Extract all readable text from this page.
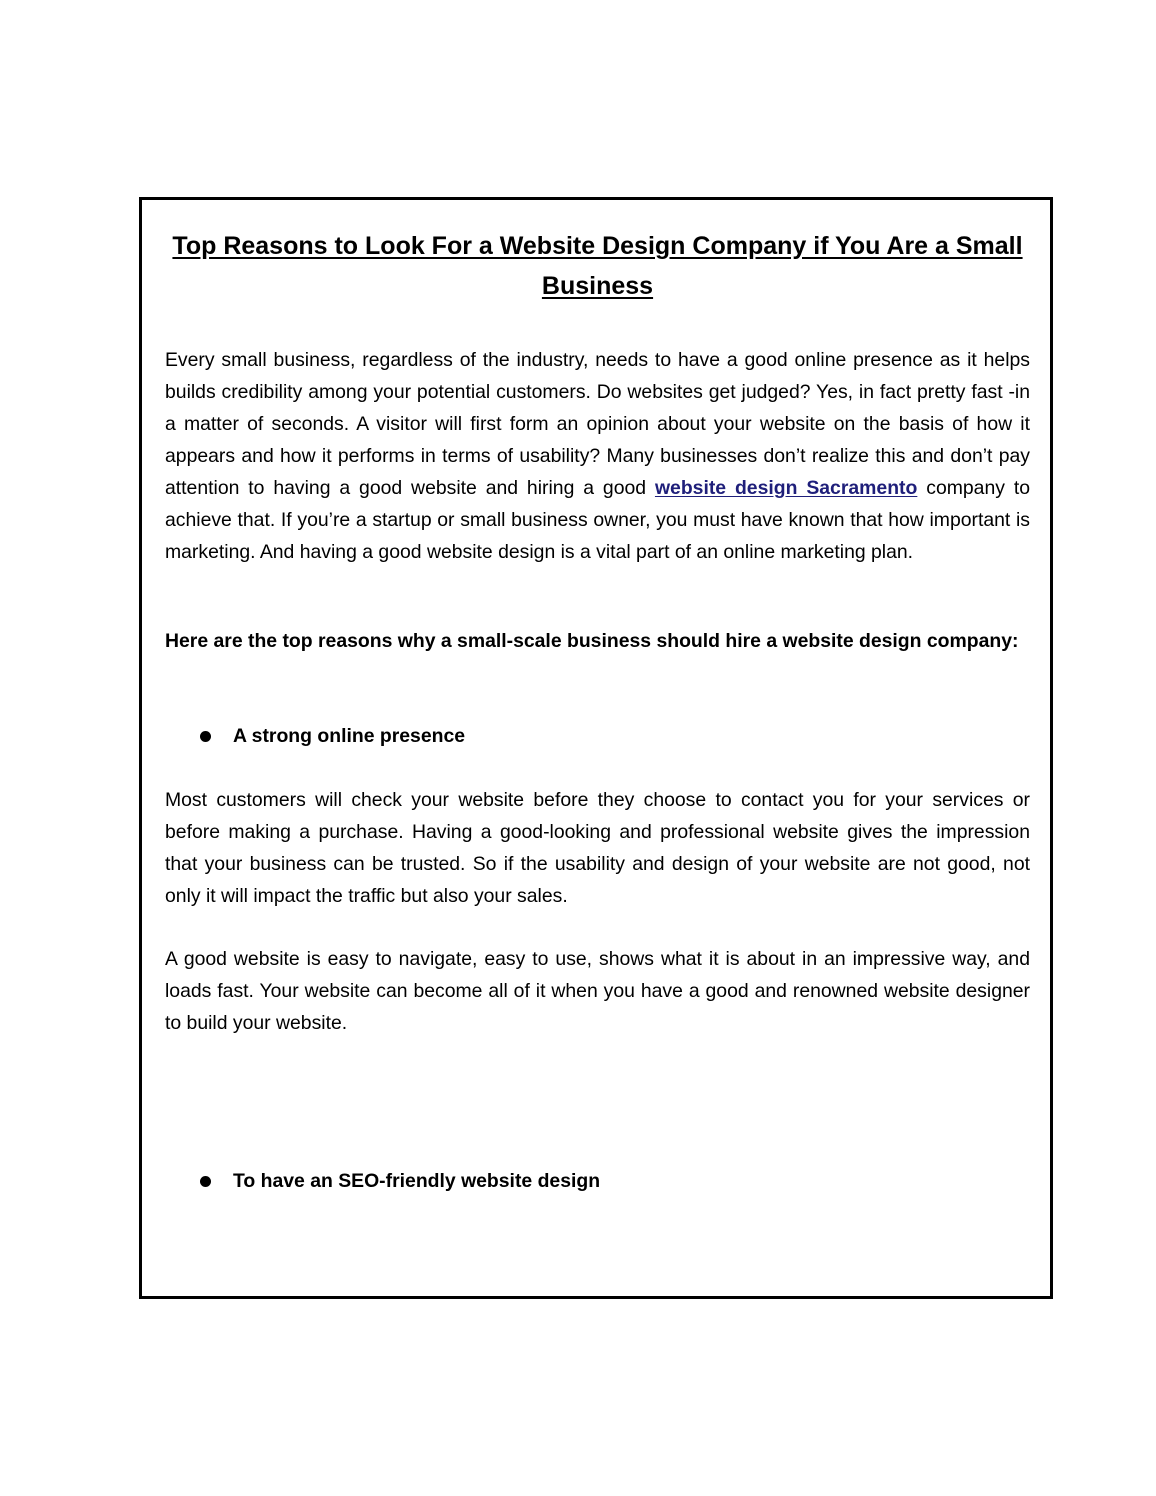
Top Reasons to Look For a Website Design Company if You Are a Small Business

Every small business, regardless of the industry, needs to have a good online presence as it helps builds credibility among your potential customers. Do websites get judged? Yes, in fact pretty fast -in a matter of seconds. A visitor will first form an opinion about your website on the basis of how it appears and how it performs in terms of usability? Many businesses don’t realize this and don’t pay attention to having a good website and hiring a good website design Sacramento company to achieve that. If you’re a startup or small business owner, you must have known that how important is marketing. And having a good website design is a vital part of an online marketing plan.

Here are the top reasons why a small-scale business should hire a website design company:

A strong online presence

Most customers will check your website before they choose to contact you for your services or before making a purchase. Having a good-looking and professional website gives the impression that your business can be trusted. So if the usability and design of your website are not good, not only it will impact the traffic but also your sales.

A good website is easy to navigate, easy to use, shows what it is about in an impressive way, and loads fast. Your website can become all of it when you have a good and renowned website designer to build your website.

To have an SEO-friendly website design
